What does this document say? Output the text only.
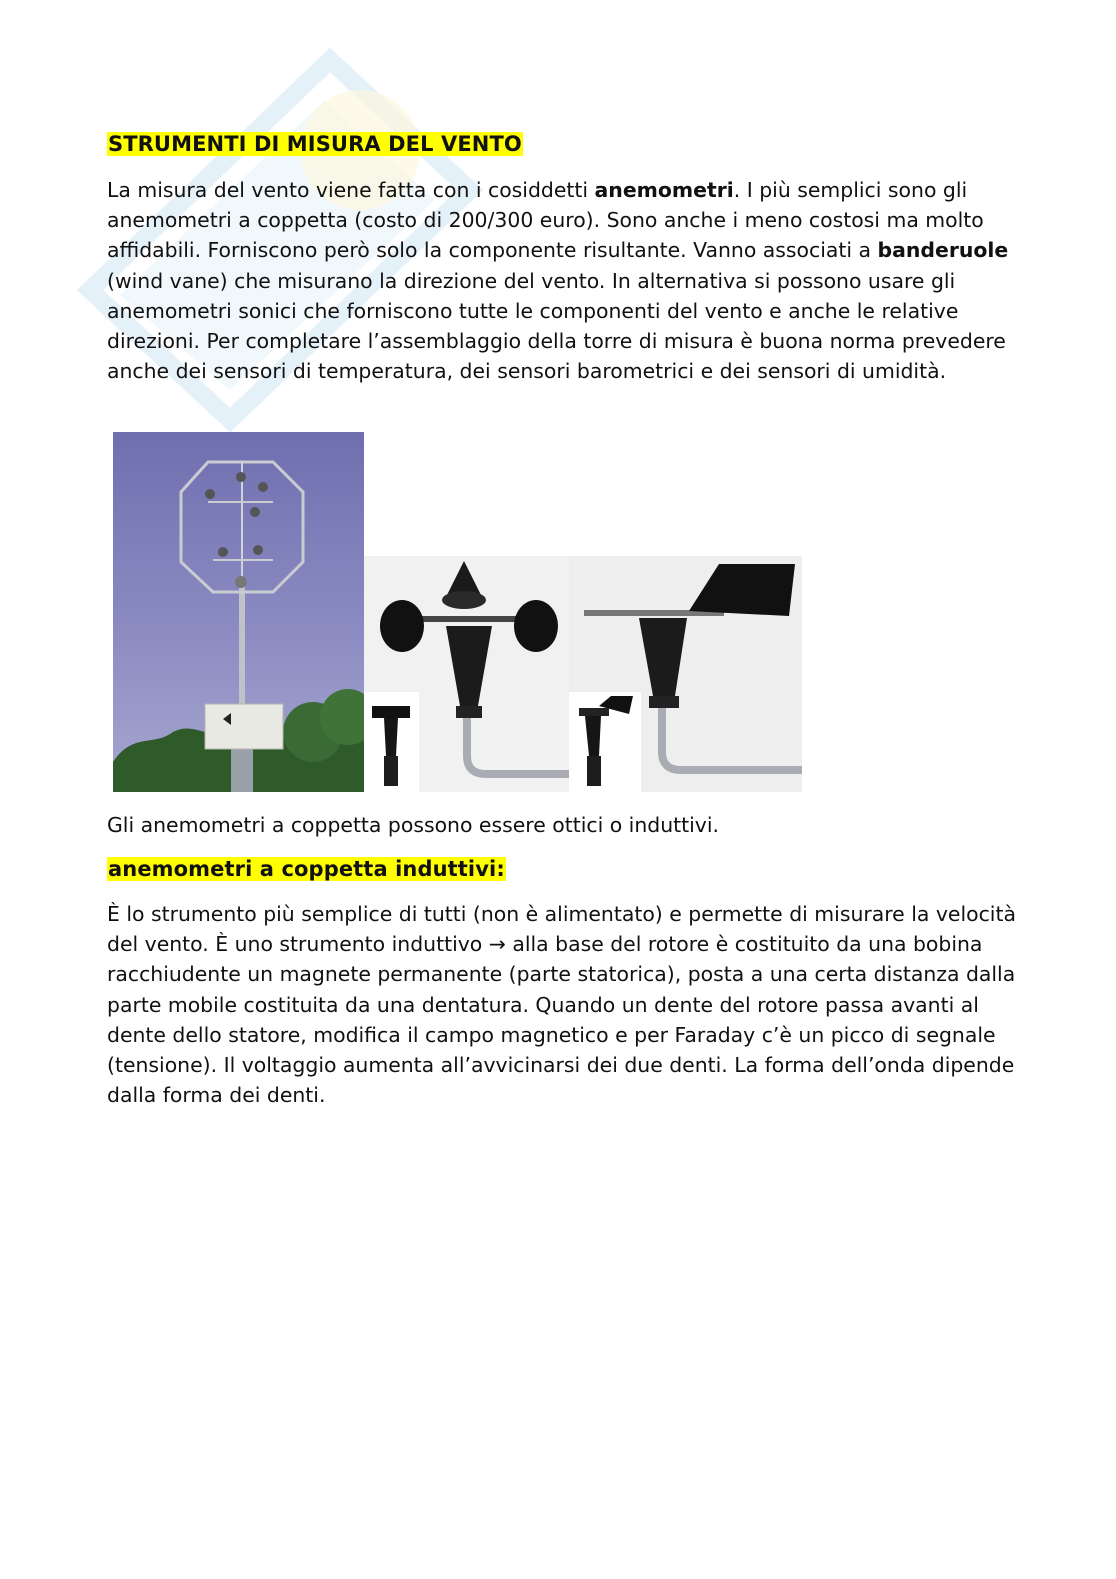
STRUMENTI DI MISURA DEL VENTO

La misura del vento viene fatta con i cosiddetti anemometri. I più semplici sono gli anemometri a coppetta (costo di 200/300 euro). Sono anche i meno costosi ma molto affidabili. Forniscono però solo la componente risultante. Vanno associati a banderuole (wind vane) che misurano la direzione del vento. In alternativa si possono usare gli anemometri sonici che forniscono tutte le componenti del vento e anche le relative direzioni. Per completare l’assemblaggio della torre di misura è buona norma prevedere anche dei sensori di temperatura, dei sensori barometrici e dei sensori di umidità.

Gli anemometri a coppetta possono essere ottici o induttivi.
anemometri a coppetta induttivi:

È lo strumento più semplice di tutti (non è alimentato) e permette di misurare la velocità del vento. È uno strumento induttivo → alla base del rotore è costituito da una bobina racchiudente un magnete permanente (parte statorica), posta a una certa distanza dalla parte mobile costituita da una dentatura. Quando un dente del rotore passa avanti al dente dello statore, modifica il campo magnetico e per Faraday c’è un picco di segnale (tensione). Il voltaggio aumenta all’avvicinarsi dei due denti. La forma dell’onda dipende dalla forma dei denti.
